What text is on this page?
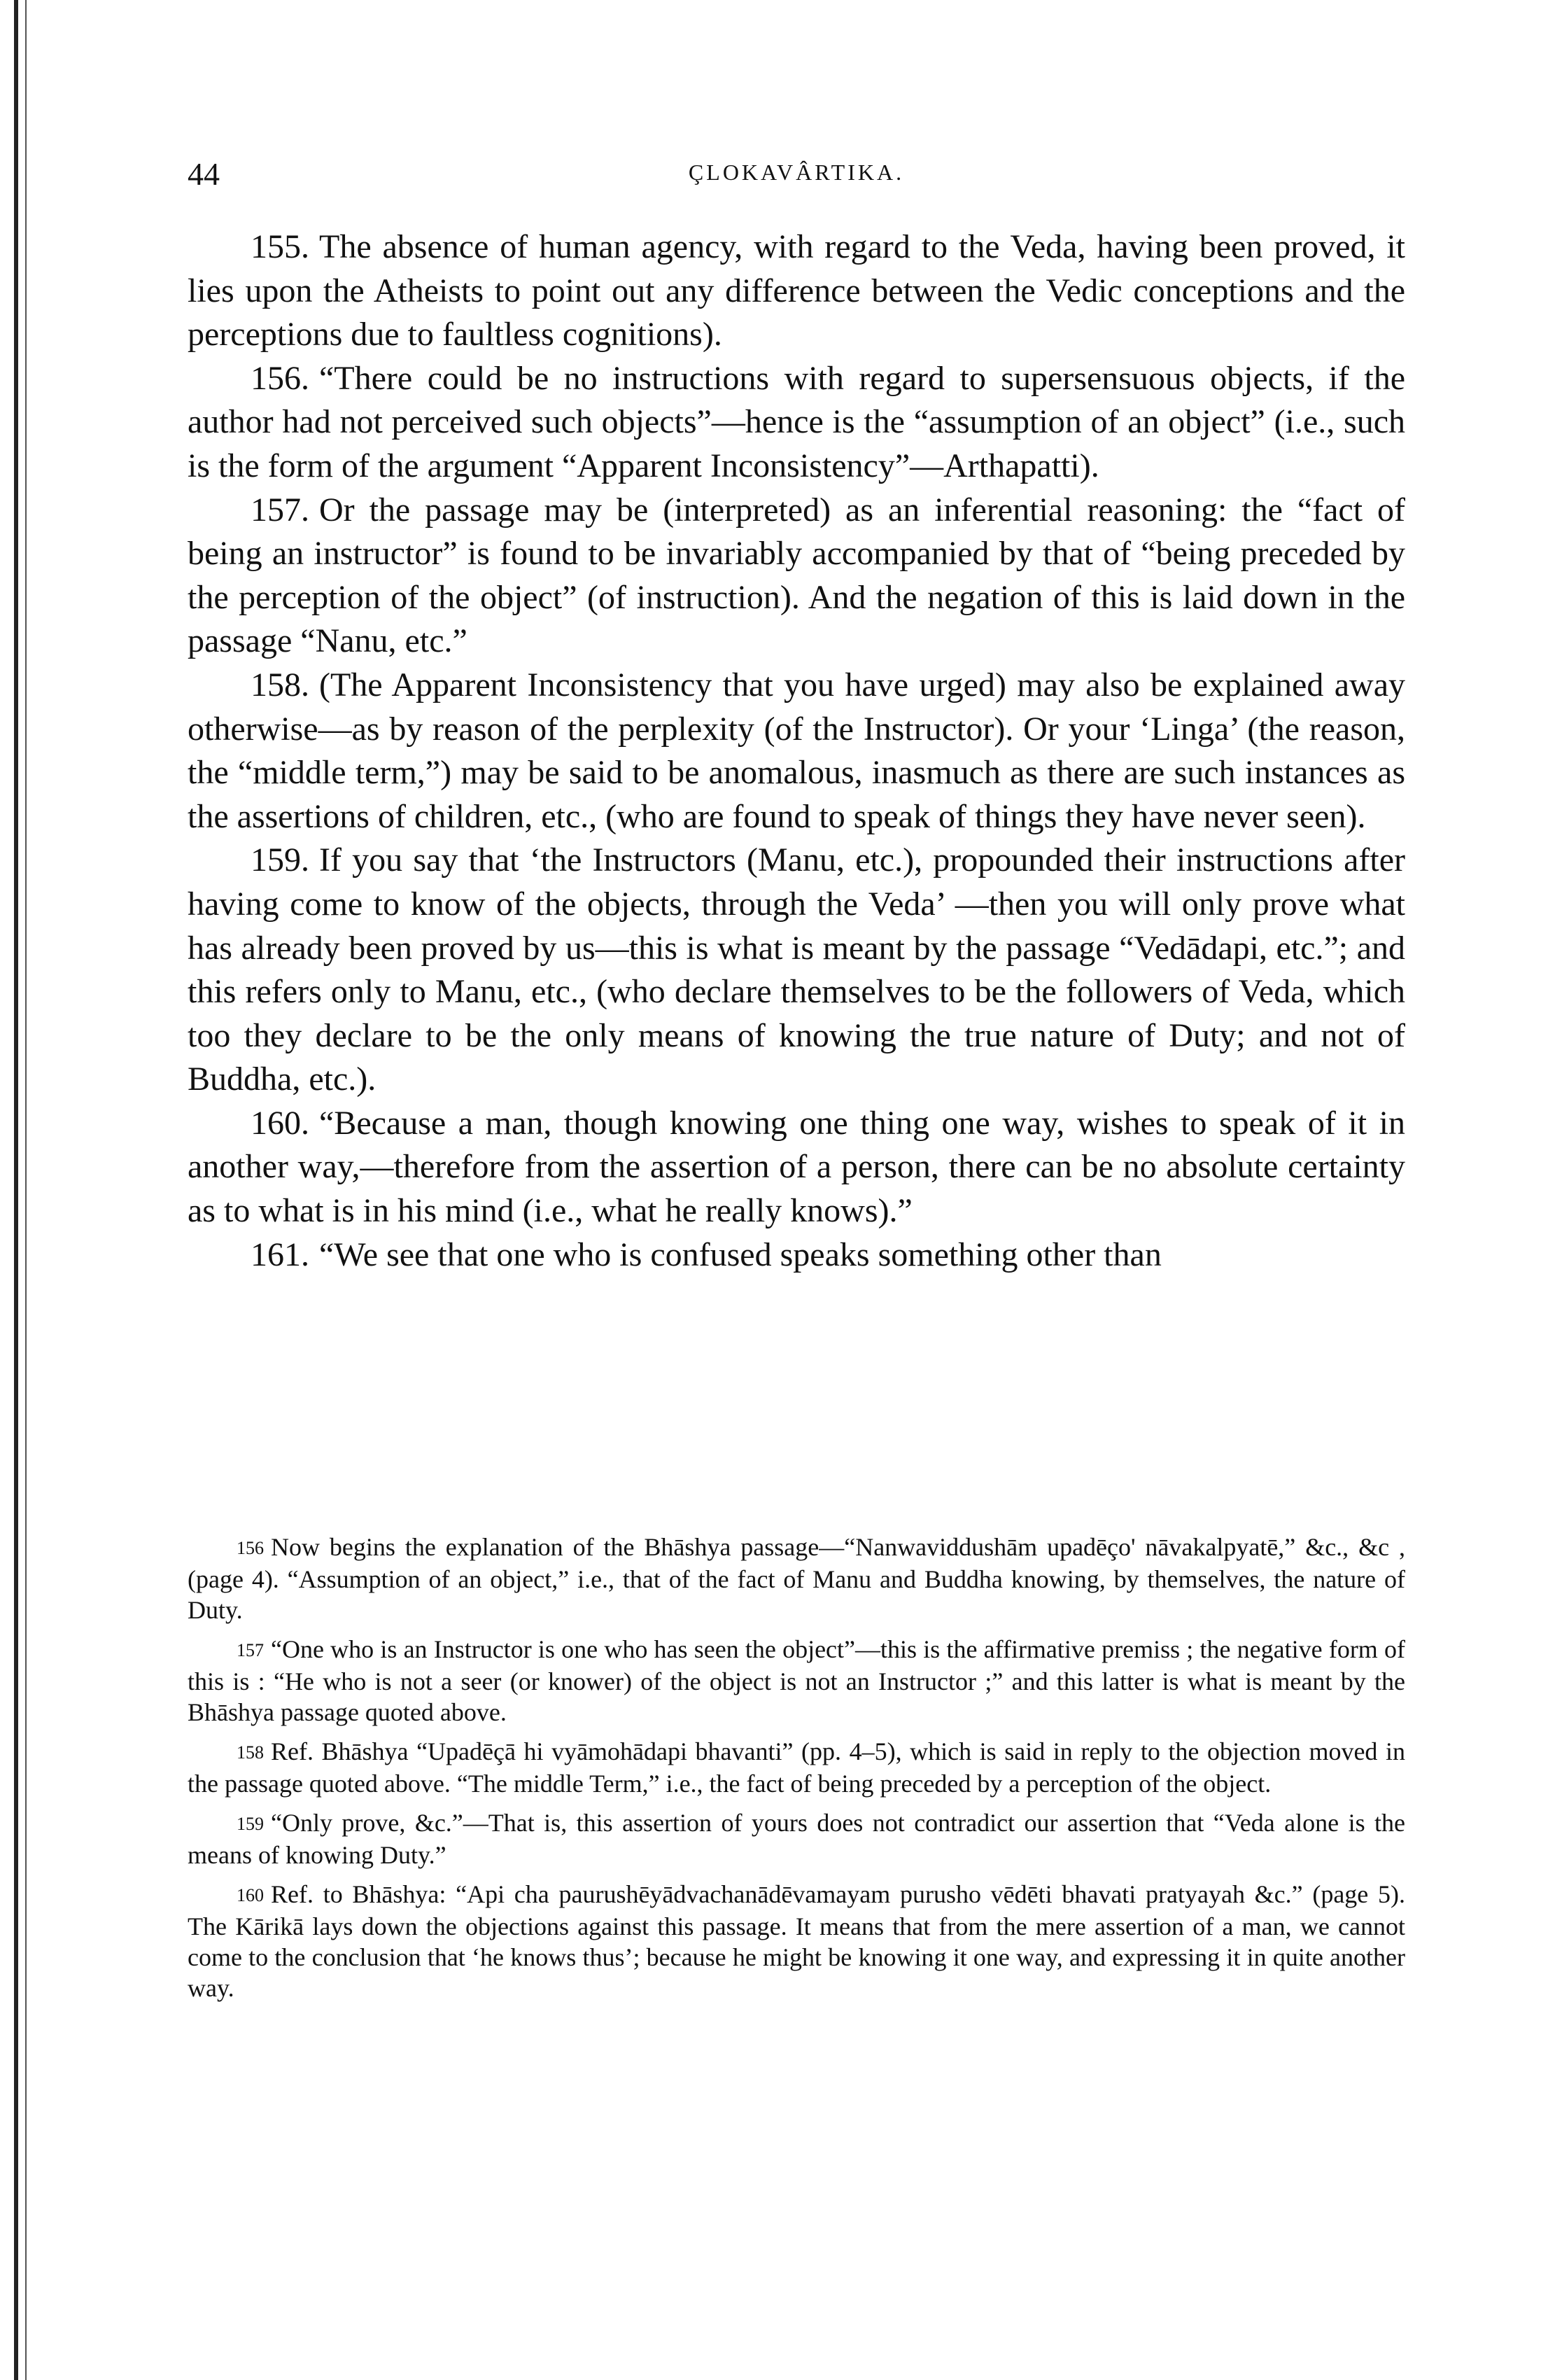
44	ÇLOKAVÂRTIKA.

155. The absence of human agency, with regard to the Veda, having been proved, it lies upon the Atheists to point out any difference between the Vedic conceptions and the perceptions due to faultless cognitions).

156. “There could be no instructions with regard to supersensuous objects, if the author had not perceived such objects”—hence is the “assumption of an object” (i.e., such is the form of the argument “Apparent Inconsistency”—Arthapatti).

157. Or the passage may be (interpreted) as an inferential reasoning: the “fact of being an instructor” is found to be invariably accompanied by that of “being preceded by the perception of the object” (of instruction). And the negation of this is laid down in the passage “Nanu, etc.”

158. (The Apparent Inconsistency that you have urged) may also be explained away otherwise—as by reason of the perplexity (of the Instructor). Or your ‘Linga’ (the reason, the “middle term,”) may be said to be anomalous, inasmuch as there are such instances as the assertions of children, etc., (who are found to speak of things they have never seen).

159. If you say that ‘the Instructors (Manu, etc.), propounded their instructions after having come to know of the objects, through the Veda’ —then you will only prove what has already been proved by us—this is what is meant by the passage “Vedādapi, etc.”; and this refers only to Manu, etc., (who declare themselves to be the followers of Veda, which too they declare to be the only means of knowing the true nature of Duty; and not of Buddha, etc.).

160. “Because a man, though knowing one thing one way, wishes to speak of it in another way,—therefore from the assertion of a person, there can be no absolute certainty as to what is in his mind (i.e., what he really knows).”

161. “We see that one who is confused speaks something other than

156 Now begins the explanation of the Bhāshya passage—“Nanwaviddushām upadēço' nāvakalpyatē,” &c., &c , (page 4). “Assumption of an object,” i.e., that of the fact of Manu and Buddha knowing, by themselves, the nature of Duty.

157 “One who is an Instructor is one who has seen the object”—this is the affirmative premiss ; the negative form of this is : “He who is not a seer (or knower) of the object is not an Instructor ;” and this latter is what is meant by the Bhāshya passage quoted above.

158 Ref. Bhāshya “Upadēçā hi vyāmohādapi bhavanti” (pp. 4–5), which is said in reply to the objection moved in the passage quoted above. “The middle Term,” i.e., the fact of being preceded by a perception of the object.

159 “Only prove, &c.”—That is, this assertion of yours does not contradict our assertion that “Veda alone is the means of knowing Duty.”

160 Ref. to Bhāshya: “Api cha paurushēyādvachanādēvamayam purusho vēdēti bhavati pratyayah &c.” (page 5). The Kārikā lays down the objections against this passage. It means that from the mere assertion of a man, we cannot come to the conclusion that ‘he knows thus’; because he might be knowing it one way, and expressing it in quite another way.
